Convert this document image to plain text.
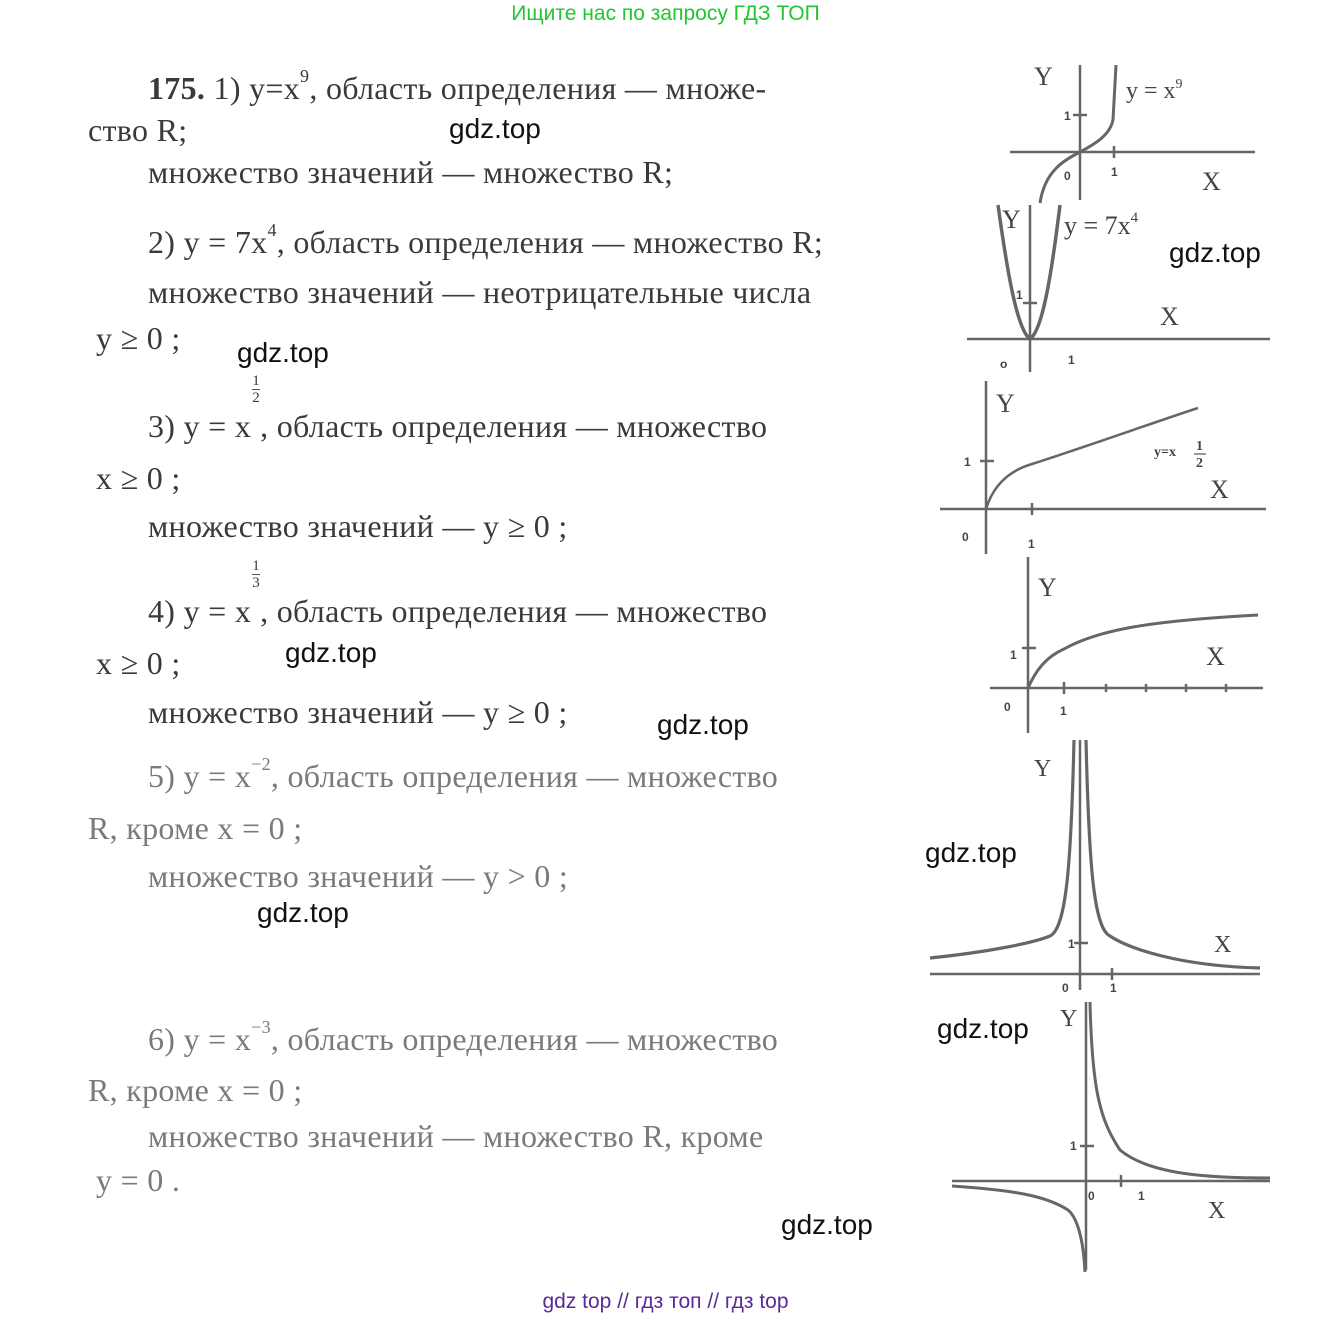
Ищите нас по запросу ГДЗ ТОП
175. 1) $y=x^9$, область определения — множе-
ство R;
множество значений — множество R;
2) $y = 7x^4$, область определения — множество R;
множество значений — неотрицательные числа
y ≥ 0 ;
3) y = x
$\frac{1}{2}$
, область определения — множество
x ≥ 0 ;
множество значений — y ≥ 0 ;
4) y = x
$\frac{1}{3}$
, область определения — множество
x ≥ 0 ;
множество значений — y ≥ 0 ;
5) $y = x^{-2}$, область определения — множество
R, кроме x = 0 ;
множество значений — y > 0 ;
6) $y = x^{-3}$, область определения — множество
R, кроме x = 0 ;
множество значений — множество R, кроме
y = 0 .
gdz.top
gdz.top
gdz.top
gdz.top
gdz.top
gdz.top
gdz.top
gdz.top
gdz.top
Y
X
0	1
1
$y = x^9$
Y
X
o	1
1
$y = 7x^4$
Y
X
0	1
1
y=x 1
2
Y
X
0	1
1
Y
X
0	1
1
Y
X
0	1
1
gdz top // гдз топ // гдз top
